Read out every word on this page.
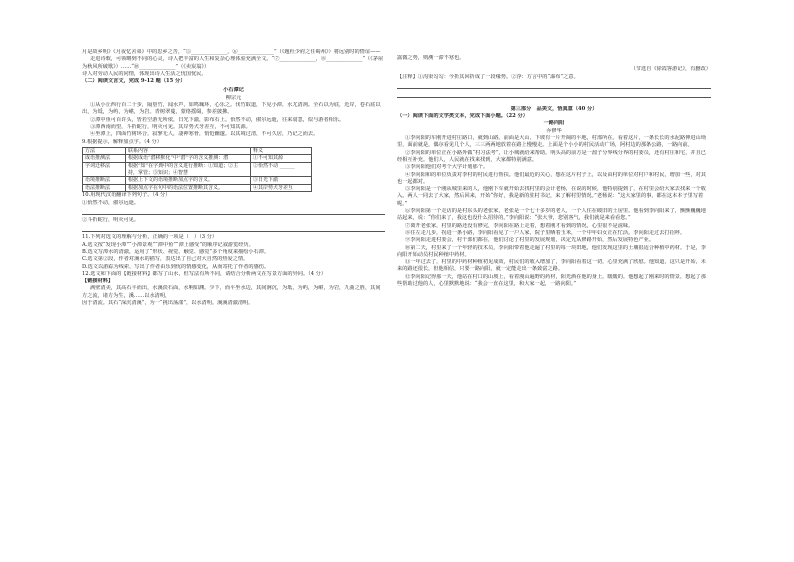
月是故乡明》《月夜忆舍弟》中的思乡之苦，“⑤______________，⑥______________”（《题杜少府之任蜀州》）将远别时的情谊——

走进诗歌，可领略到不同的心灵，诗人把丰富的人生和复杂心理体验充满全文。“⑦______________，⑧______________”（《茅屋为秋风所破歌》）……“⑩______________”（《卖炭翁》）

诗人对劳动人民的同情，体现出诗人生活之忧国忧民。

（二）阅读文言文，完成 9-12 题（15 分）

小石潭记

柳宗元

①从小丘西行百二十步，隔篁竹，闻水声，如鸣珮环，心乐之。伐竹取道，下见小潭，水尤清冽。全石以为底，近岸，卷石底以出，为坻，为屿，为嵁，为岩。青树翠蔓，蒙络摇缀，参差披拂。

②潭中鱼可百许头，皆若空游无所依，日光下澈，影布石上。佁然不动，俶尔远逝，往来翕忽，似与游者相乐。

③潭西南而望，斗折蛇行，明灭可见。其岸势犬牙差互，不可知其源。

④坐潭上，四面竹树环合，寂寥无人，凄神寒骨，悄怆幽邃。以其境过清，不可久居，乃记之而去。

9.根据提示，解释加点字。（4 分）

方法	联系内容	释义
成语推测法	根据成语“潜移默化”中“潜”字的含义推测：潜	①不可知其源
字词迁移法	根据“知”在字典中的含义进行推断：①知道；②主持，掌管；③知识；④智慧	②佁然不动 ______
语境推断法	根据上下文的语境推断加点字的含义。	③日光下澈
语法推断法	根据加点字在句中的语法位置推断其含义。	④其岸势犬牙差互

10.用现代汉语翻译下列句子。（4 分）

①佁然不动，俶尔远逝。

②斗折蛇行，明灭可见。

11.下列对选文的理解与分析，正确的一项是（　）（3 分）

A.选文按“发现小潭”“小潭景观”“潭中鱼”“潭上感受”的顺序记叙游览经历。

B.选文写潭水的清澈，运用了“形状、视觉、触觉、感觉”多个角度来描绘小石潭。

C.选文第②段，作者对溪水的描写，表达出了自己对大自然的热爱之情。

D.选文以游踪为线索，写出了作者由乐到忧的情感变化，从而寄托了作者的感伤。

12.选文和下面的【链接材料】都写了山水，但写法有所不同，请结合分析两文在写景方面的异同。（4 分）

【链接材料】

满壁清美，其高石平而出，水溪淡石面，水响如渊。少下，而平坐水边，其间涧沉，为坻，为屿，为嵁，为岩，九曲之胜，其间方之流，诸方为生，溪……以水清明，

因于清流。其石“深沉清溪”，为一“挑出荡漾”，以水清明。溪溪清澈清明。

露微之势，则溯一滞不寒也。

（节选自《徐霞客游记》，有删改）

【注释】①沟渠勾勾：今折其回折成了一段缘势。②浮：方言中的“瀑布”之意。

第三部分　品美文，悟真意（40 分）

（一）阅读下面的文学类文本，完成下面小题。（22 分）

一路向阳

乔修华

①李向阳的车刚开进村庄路口，就到山路。前面是大山，下坡有一片开阔的平地，村部所在。看着这片，一条长长的水泥路伸进山坳里，面前就是，偶尔看见几个人，三三两两地放着在路上慢慢走。上面是个小小的村民活动广场，阿村边的那条公路，一路向前。

②李向阳的单位正在小路外做“村习法考”，让小城就给来帮助。明头高的前方是一溜子分界线分界的村委员，还有村庄和宅，并且已经相互补充。他们人，人民就在找来找到，大家都特别满意。

③李向阳他们对考个大学计划那个。

④李向阳和的单位负责对李村的村民进行帮扶。他们最近的关心，想在这片村子上，以及由村的单位对村户和村民，增加一些，对其也一起都对。

⑤李向阳是一个刚从城里来的人，他刚下车就开始去找村里的会计老杨，在说的时候，他特别提到了，在村里会给大家去找来一个收入。两人一同去了大家，然后回来，开始“你好，我是新的驻村书记，来了解村里情况。”老杨说：“这大家里的事，都在这本本子里写着呢。”

⑥李向阳第一个走访的是村东头的老张家，老张是一个七十多岁的老人，一个人住在破旧的土房里。他看到李向阳来了，颤颤巍巍地站起来，说：“你们来了，我这也没什么招待的。”李向阳说：“张大爷，您别客气，我们就是来看看您。”

⑦离开老张家，村里的路还没有修完，李向阳在路上走着，想着刚才看到的情况，心里很不是滋味。

⑧往左走几步，拐进一条小路，李向阳看见了一户人家，院子里晒着玉米，一个中年妇女正在忙活。李向阳走过去打招呼。

⑨李向阳走进村委会，村干部们都在，他们讨论了村里的发展规划，决定先从修路开始，然后发展特色产业。

⑩第二天，村里来了一个年轻的技术员，李向阳带着他走遍了村里的每一块田地，他们发现这里的土壤很适合种植中药材。于是，李向阳开始动员村民种植中药材。

⑪一年过去了，村里的中药材种植初见成效，村民们的收入增加了，李向阳看着这一切，心里充满了欣慰。他知道，这只是开始，未来的路还很长，但他相信，只要一路向阳，就一定能走出一条致富之路。

⑫李向阳记得那一天，他站在村口的山坡上，看着漫山遍野的药材，阳光洒在他的身上，暖暖的。他想起了刚来时的情景，想起了那些帮助过他的人，心里默默地说：“我会一直在这里，和大家一起，一路向阳。”
